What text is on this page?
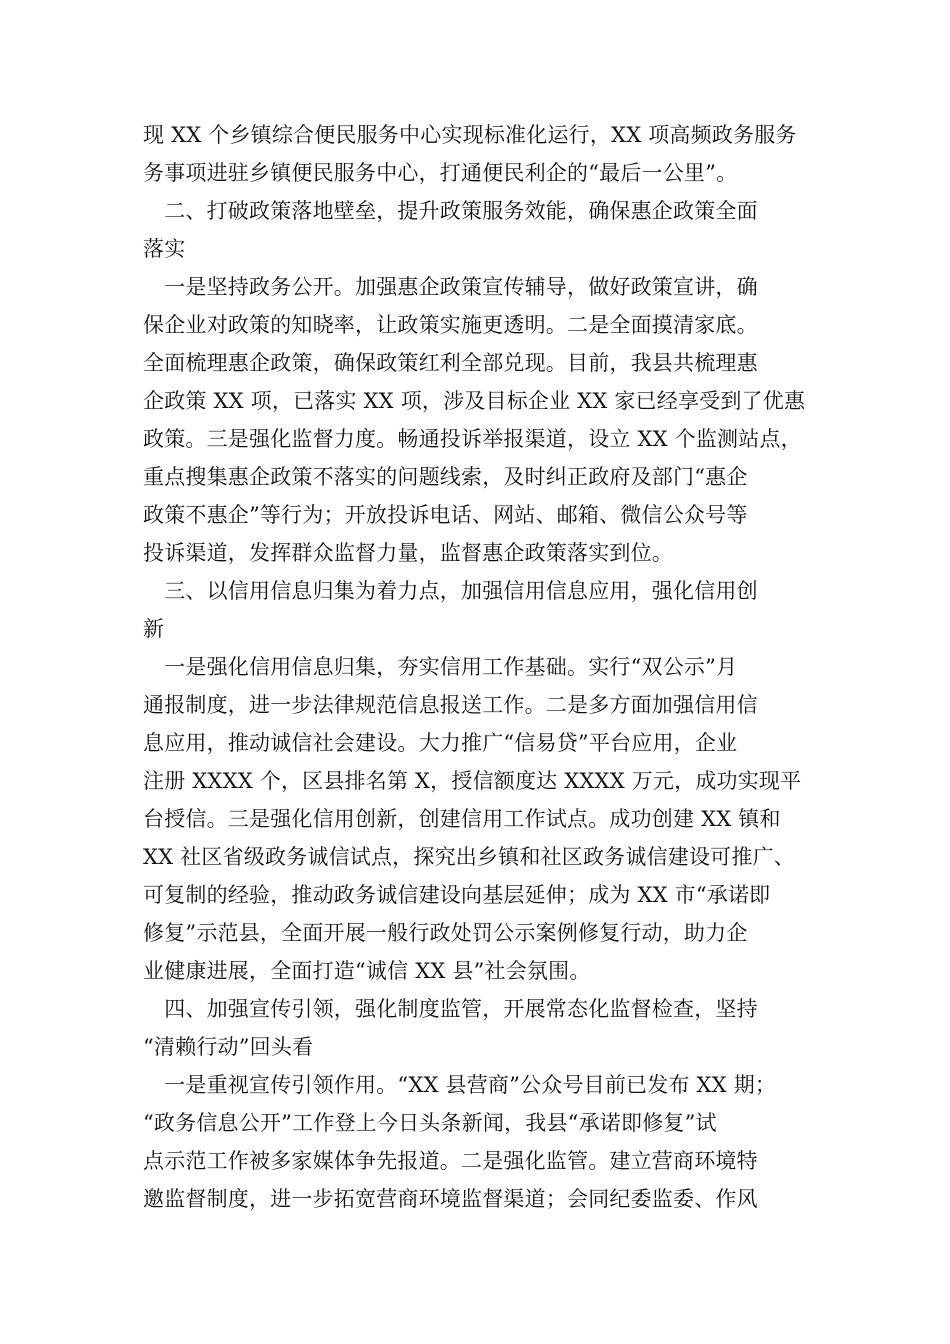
现 XX 个乡镇综合便民服务中心实现标准化运行，XX 项高频政务服务
务事项进驻乡镇便民服务中心，打通便民利企的“最后一公里”。
　二、打破政策落地壁垒，提升政策服务效能，确保惠企政策全面
落实
　一是坚持政务公开。加强惠企政策宣传辅导，做好政策宣讲，确
保企业对政策的知晓率，让政策实施更透明。二是全面摸清家底。
全面梳理惠企政策，确保政策红利全部兑现。目前，我县共梳理惠
企政策 XX 项，已落实 XX 项，涉及目标企业 XX 家已经享受到了优惠
政策。三是强化监督力度。畅通投诉举报渠道，设立 XX 个监测站点，
重点搜集惠企政策不落实的问题线索，及时纠正政府及部门“惠企
政策不惠企”等行为；开放投诉电话、网站、邮箱、微信公众号等
投诉渠道，发挥群众监督力量，监督惠企政策落实到位。
　三、以信用信息归集为着力点，加强信用信息应用，强化信用创
新
　一是强化信用信息归集，夯实信用工作基础。实行“双公示”月
通报制度，进一步法律规范信息报送工作。二是多方面加强信用信
息应用，推动诚信社会建设。大力推广“信易贷”平台应用，企业
注册 XXXX 个，区县排名第 X，授信额度达 XXXX 万元，成功实现平
台授信。三是强化信用创新，创建信用工作试点。成功创建 XX 镇和
XX 社区省级政务诚信试点，探究出乡镇和社区政务诚信建设可推广、
可复制的经验，推动政务诚信建设向基层延伸；成为 XX 市“承诺即
修复”示范县，全面开展一般行政处罚公示案例修复行动，助力企
业健康进展，全面打造“诚信 XX 县”社会氛围。
　四、加强宣传引领，强化制度监管，开展常态化监督检查，坚持
“清赖行动”回头看
　一是重视宣传引领作用。“XX 县营商”公众号目前已发布 XX 期；
“政务信息公开”工作登上今日头条新闻，我县“承诺即修复”试
点示范工作被多家媒体争先报道。二是强化监管。建立营商环境特
邀监督制度，进一步拓宽营商环境监督渠道；会同纪委监委、作风
